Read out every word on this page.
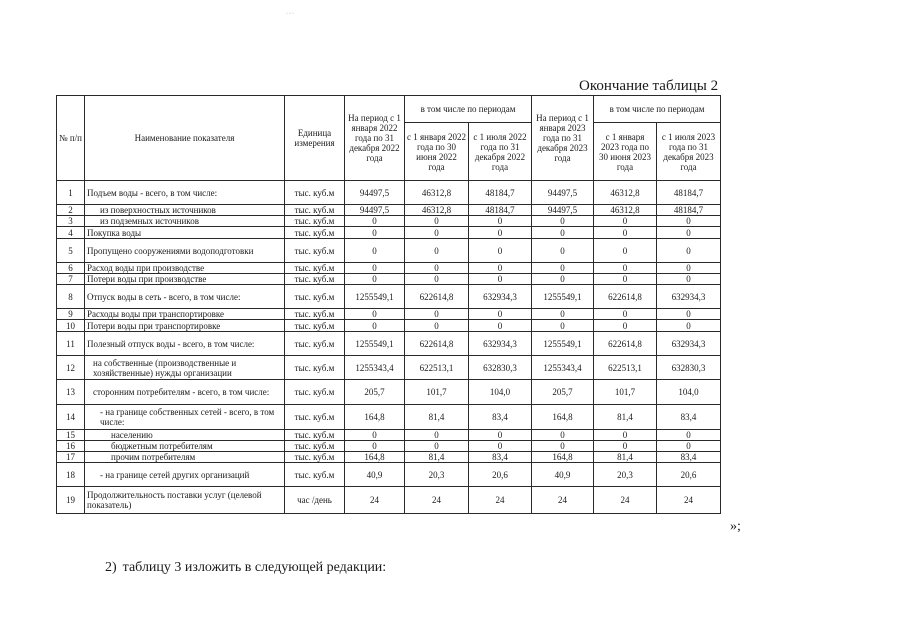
···
Окончание таблицы 2
№ п/п	Наименование показателя	Единица измерения	На период с 1 января 2022 года по 31 декабря 2022 года	в том числе по периодам		На период с 1 января 2023 года по 31 декабря 2023 года	в том числе по периодам	
				с 1 января 2022 года по 30 июня 2022 года	с 1 июля 2022 года по 31 декабря 2022 года		с 1 января 2023 года по 30 июня 2023 года	с 1 июля 2023 года по 31 декабря 2023 года
1	Подъем воды - всего, в том числе:	тыс. куб.м	94497,5	46312,8	48184,7	94497,5	46312,8	48184,7
2	из поверхностных источников	тыс. куб.м	94497,5	46312,8	48184,7	94497,5	46312,8	48184,7
3	из подземных источников	тыс. куб.м	0	0	0	0	0	0
4	Покупка воды	тыс. куб.м	0	0	0	0	0	0
5	Пропущено сооружениями водоподготовки	тыс. куб.м	0	0	0	0	0	0
6	Расход воды при производстве	тыс. куб.м	0	0	0	0	0	0
7	Потери воды при производстве	тыс. куб.м	0	0	0	0	0	0
8	Отпуск воды в сеть - всего, в том числе:	тыс. куб.м	1255549,1	622614,8	632934,3	1255549,1	622614,8	632934,3
9	Расходы воды при транспортировке	тыс. куб.м	0	0	0	0	0	0
10	Потери воды при транспортировке	тыс. куб.м	0	0	0	0	0	0
11	Полезный отпуск воды - всего, в том числе:	тыс. куб.м	1255549,1	622614,8	632934,3	1255549,1	622614,8	632934,3
12	на собственные (производственные и хозяйственные) нужды организации	тыс. куб.м	1255343,4	622513,1	632830,3	1255343,4	622513,1	632830,3
13	сторонним потребителям - всего, в том числе:	тыс. куб.м	205,7	101,7	104,0	205,7	101,7	104,0
14	- на границе собственных сетей - всего, в том числе:	тыс. куб.м	164,8	81,4	83,4	164,8	81,4	83,4
15	населению	тыс. куб.м	0	0	0	0	0	0
16	бюджетным потребителям	тыс. куб.м	0	0	0	0	0	0
17	прочим потребителям	тыс. куб.м	164,8	81,4	83,4	164,8	81,4	83,4
18	- на границе сетей других организаций	тыс. куб.м	40,9	20,3	20,6	40,9	20,3	20,6
19	Продолжительность поставки услуг (целевой показатель)	час /день	24	24	24	24	24	24
»;
2) таблицу 3 изложить в следующей редакции:
